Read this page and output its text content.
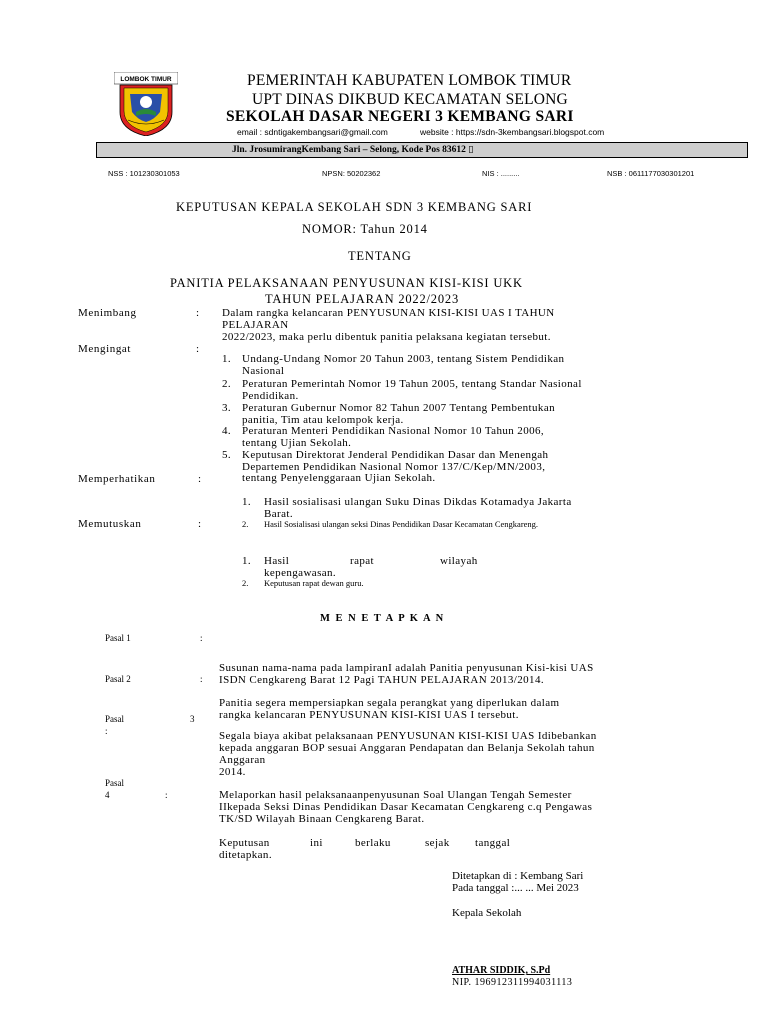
LOMBOK TIMUR	PEMERINTAH KABUPATEN LOMBOK TIMUR
UPT DINAS DIKBUD KECAMATAN SELONG
SEKOLAH DASAR NEGERI 3 KEMBANG SARI
email : sdntigakembangsari@gmail.com	website : https://sdn-3kembangsari.blogspot.com
Jln. JrosumirangKembang Sari – Selong, Kode Pos 83612 ▯
NSS : 101230301053	NPSN: 50202362	NIS : .........	NSB : 0611177030301201
KEPUTUSAN KEPALA SEKOLAH SDN 3 KEMBANG SARI
NOMOR: Tahun 2014
TENTANG
PANITIA PELAKSANAAN PENYUSUNAN KISI-KISI UKK
TAHUN PELAJARAN 2022/2023
Menimbang	: Dalam rangka kelancaran PENYUSUNAN KISI-KISI UAS I TAHUN
PELAJARAN
2022/2023, maka perlu dibentuk panitia pelaksana kegiatan tersebut.
Mengingat	:
1. Undang-Undang Nomor 20 Tahun 2003, tentang Sistem Pendidikan
Nasional
2. Peraturan Pemerintah Nomor 19 Tahun 2005, tentang Standar Nasional
Pendidikan.
3. Peraturan Gubernur Nomor 82 Tahun 2007 Tentang Pembentukan
panitia, Tim atau kelompok kerja.
4. Peraturan Menteri Pendidikan Nasional Nomor 10 Tahun 2006,
tentang Ujian Sekolah.
5. Keputusan Direktorat Jenderal Pendidikan Dasar dan Menengah
Departemen Pendidikan Nasional Nomor 137/C/Kep/MN/2003,
tentang Penyelenggaraan Ujian Sekolah.
Memperhatikan	:
1. Hasil sosialisasi ulangan Suku Dinas Dikdas Kotamadya Jakarta
Barat.
2. Hasil Sosialisasi ulangan seksi Dinas Pendidikan Dasar Kecamatan Cengkareng.
Memutuskan	:
1. Hasil	rapat	wilayah
kepengawasan.
2. Keputusan rapat dewan guru.
M E N E T A P K A N
Pasal 1	:
Susunan nama-nama pada lampiranI adalah Panitia penyusunan Kisi-kisi UAS
ISDN Cengkareng Barat 12 Pagi TAHUN PELAJARAN 2013/2014.
Pasal 2	:
Panitia segera mempersiapkan segala perangkat yang diperlukan dalam
rangka kelancaran PENYUSUNAN KISI-KISI UAS I tersebut.
Pasal	3
:	Segala biaya akibat pelaksanaan PENYUSUNAN KISI-KISI UAS Idibebankan
kepada anggaran BOP sesuai Anggaran Pendapatan dan Belanja Sekolah tahun
Anggaran
2014.
Pasal
4	:	Melaporkan hasil pelaksanaanpenyusunan Soal Ulangan Tengah Semester
IIkepada Seksi Dinas Pendidikan Dasar Kecamatan Cengkareng c.q Pengawas
TK/SD Wilayah Binaan Cengkareng Barat.
Keputusan	ini	berlaku	sejak tanggal
ditetapkan.
Ditetapkan di : Kembang Sari
Pada tanggal :... ... Mei 2023
Kepala Sekolah
ATHAR SIDDIK, S.Pd
NIP. 196912311994031113
